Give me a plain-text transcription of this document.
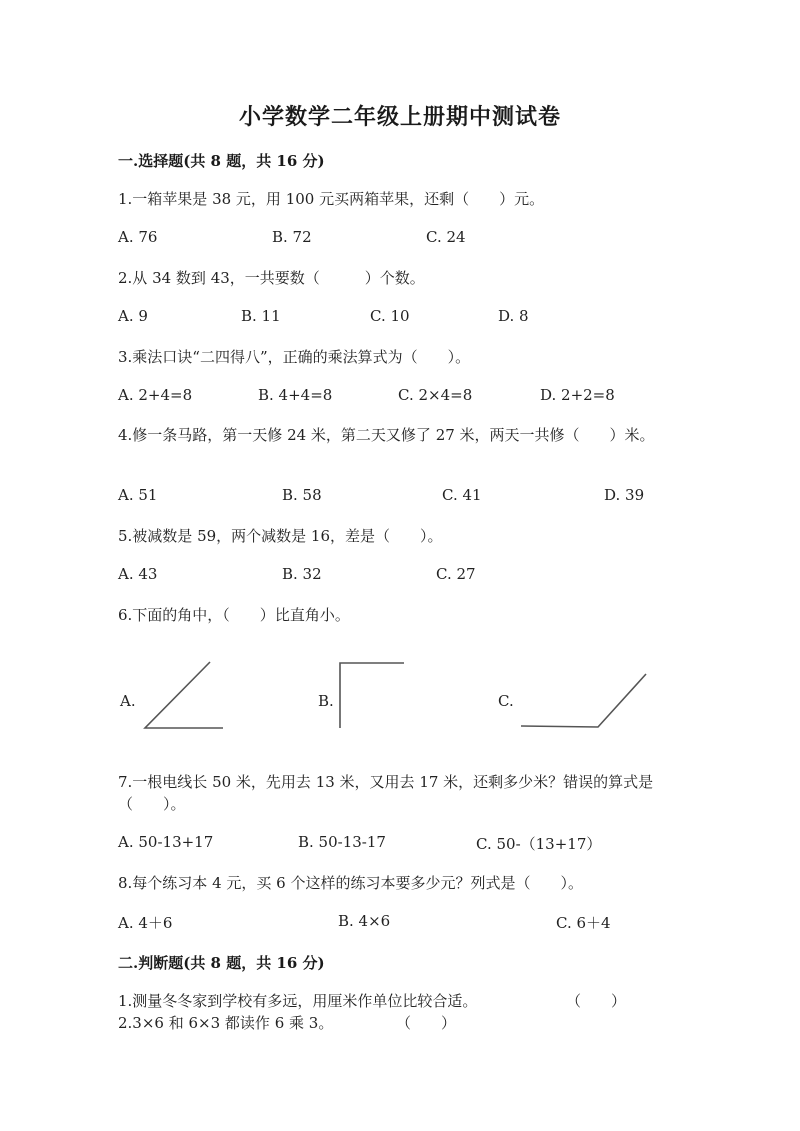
小学数学二年级上册期中测试卷
一.选择题(共 8 题，共 16 分)
1.一箱苹果是 38 元，用 100 元买两箱苹果，还剩（　　）元。
A. 76	B. 72	C. 24
2.从 34 数到 43，一共要数（　　　）个数。
A. 9	B. 11	C. 10	D. 8
3.乘法口诀“二四得八”，正确的乘法算式为（　　）。
A. 2+4=8	B. 4+4=8	C. 2×4=8	D. 2+2=8
4.修一条马路，第一天修 24 米，第二天又修了 27 米，两天一共修（　　）米。
A. 51	B. 58	C. 41	D. 39
5.被减数是 59，两个减数是 16，差是（　　）。
A. 43	B. 32	C. 27
6.下面的角中，（　　）比直角小。
A.	B.	C.
7.一根电线长 50 米，先用去 13 米，又用去 17 米，还剩多少米？错误的算式是（　　）。
A. 50-13+17	B. 50-13-17	C. 50-（13+17）
8.每个练习本 4 元，买 6 个这样的练习本要多少元？列式是（　　）。
A. 4＋6	B. 4×6	C. 6＋4
二.判断题(共 8 题，共 16 分)
1.测量冬冬家到学校有多远，用厘米作单位比较合适。	（　　）
2.3×6 和 6×3 都读作 6 乘 3。	（　　）
